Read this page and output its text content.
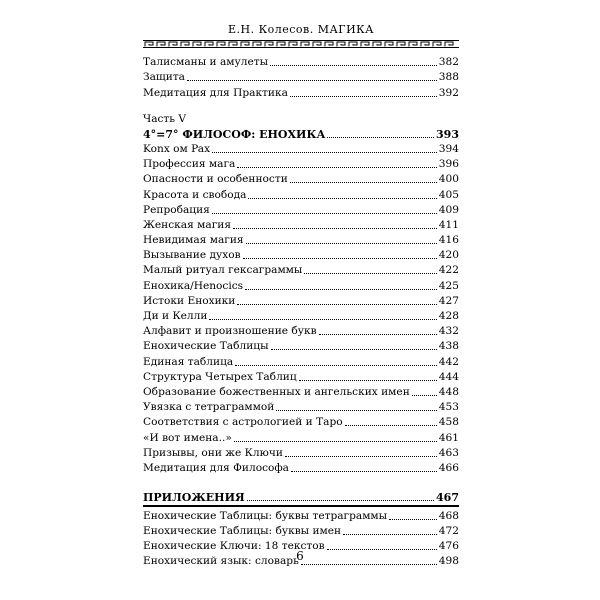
Е.Н. Колесов. МАГИКА
Талисманы и амулеты	382
Защита	388
Медитация для Практика	392
Часть V
4°=7° ФИЛОСОФ: ЕНОХИКА	393
Konx ом Pax	394
Профессия мага	396
Опасности и особенности	400
Красота и свобода	405
Репробация	409
Женская магия	411
Невидимая магия	416
Вызывание духов	420
Малый ритуал гексаграммы	422
Енохика/Henocics	425
Истоки Енохики	427
Ди и Келли	428
Алфавит и произношение букв	432
Енохические Таблицы	438
Единая таблица	442
Структура Четырех Таблиц	444
Образование божественных и ангельских имен	448
Увязка с тетраграммой	453
Соответствия с астрологией и Таро	458
«И вот имена..»	461
Призывы, они же Ключи	463
Медитация для Философа	466
ПРИЛОЖЕНИЯ	467
Енохические Таблицы: буквы тетраграммы	468
Енохические Таблицы: буквы имен	472
Енохические Ключи: 18 текстов	476
Енохический язык: словарь	498
6
